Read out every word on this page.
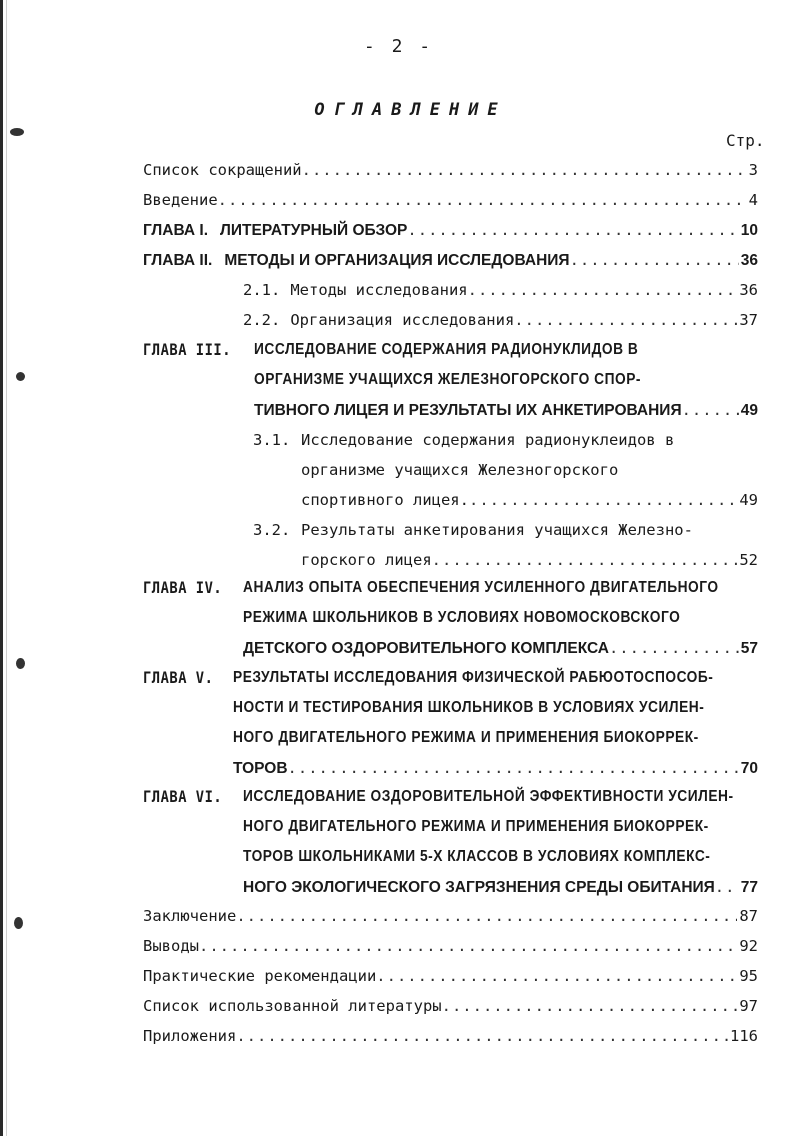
- 2 -
ОГЛАВЛЕНИЕ
Стр.
Список сокращений .....	3
Введение .....	4
ГЛАВА I. ЛИТЕРАТУРНЫЙ ОБЗОР .....	10
ГЛАВА II. МЕТОДЫ И ОРГАНИЗАЦИЯ ИССЛЕДОВАНИЯ .....	36
2.1. Методы исследования .....	36
2.2. Организация исследования .....	37
ГЛАВА III. ИССЛЕДОВАНИЕ СОДЕРЖАНИЯ РАДИОНУКЛИДОВ В
ОРГАНИЗМЕ УЧАЩИХСЯ ЖЕЛЕЗНОГОРСКОГО СПОР-
ТИВНОГО ЛИЦЕЯ И РЕЗУЛЬТАТЫ ИХ АНКЕТИРОВАНИЯ .....	49
3.1. Исследование содержания радионуклеидов в
организме учащихся Железногорского
спортивного лицея. .....	49
3.2. Результаты анкетирования учащихся Железно-
горского лицея .....	52
ГЛАВА IV. АНАЛИЗ ОПЫТА ОБЕСПЕЧЕНИЯ УСИЛЕННОГО ДВИГАТЕЛЬНОГО
РЕЖИМА ШКОЛЬНИКОВ В УСЛОВИЯХ НОВОМОСКОВСКОГО
ДЕТСКОГО ОЗДОРОВИТЕЛЬНОГО КОМПЛЕКСА .....	57
ГЛАВА V. РЕЗУЛЬТАТЫ ИССЛЕДОВАНИЯ ФИЗИЧЕСКОЙ РАБЮОТОСПОСОБ-
НОСТИ И ТЕСТИРОВАНИЯ ШКОЛЬНИКОВ В УСЛОВИЯХ УСИЛЕН-
НОГО ДВИГАТЕЛЬНОГО РЕЖИМА И ПРИМЕНЕНИЯ БИОКОРРЕК-
ТОРОВ .....	70
ГЛАВА VI. ИССЛЕДОВАНИЕ ОЗДОРОВИТЕЛЬНОЙ ЭФФЕКТИВНОСТИ УСИЛЕН-
НОГО ДВИГАТЕЛЬНОГО РЕЖИМА И ПРИМЕНЕНИЯ БИОКОРРЕК-
ТОРОВ ШКОЛЬНИКАМИ 5-Х КЛАССОВ В УСЛОВИЯХ КОМПЛЕКС-
НОГО ЭКОЛОГИЧЕСКОГО ЗАГРЯЗНЕНИЯ СРЕДЫ ОБИТАНИЯ ..... 77
Заключение .....	87
Выводы .....	92
Практические рекомендации .....	95
Список использованной литературы .....	97
Приложения .....	116
